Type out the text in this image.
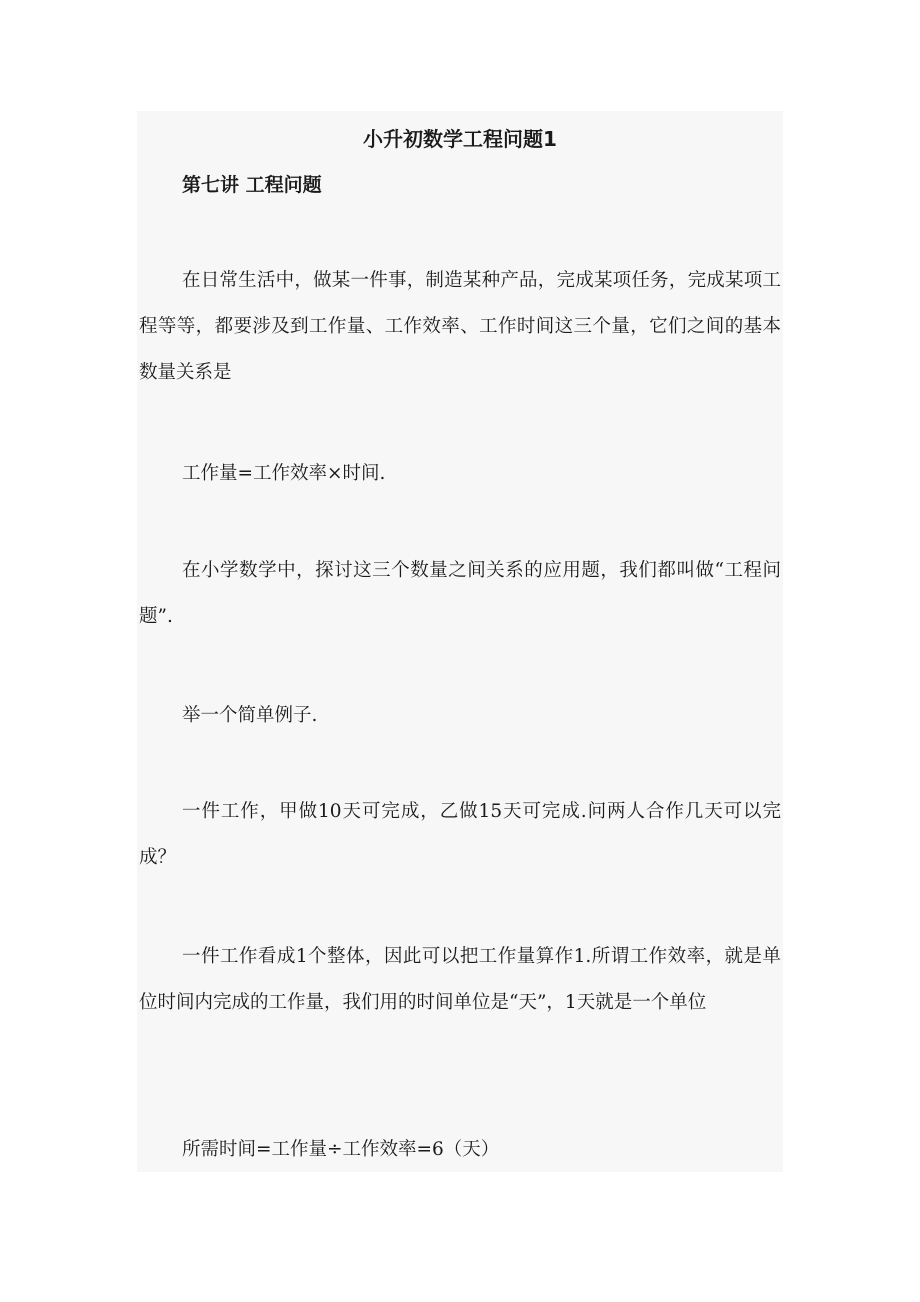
小升初数学工程问题1
第七讲 工程问题

在日常生活中，做某一件事，制造某种产品，完成某项任务，完成某项工程等等，都要涉及到工作量、工作效率、工作时间这三个量，它们之间的基本数量关系是

工作量=工作效率×时间.

在小学数学中，探讨这三个数量之间关系的应用题，我们都叫做“工程问题”.

举一个简单例子.

一件工作，甲做10天可完成，乙做15天可完成.问两人合作几天可以完成？

一件工作看成1个整体，因此可以把工作量算作1.所谓工作效率，就是单位时间内完成的工作量，我们用的时间单位是“天”，1天就是一个单位

所需时间=工作量÷工作效率=6（天）
